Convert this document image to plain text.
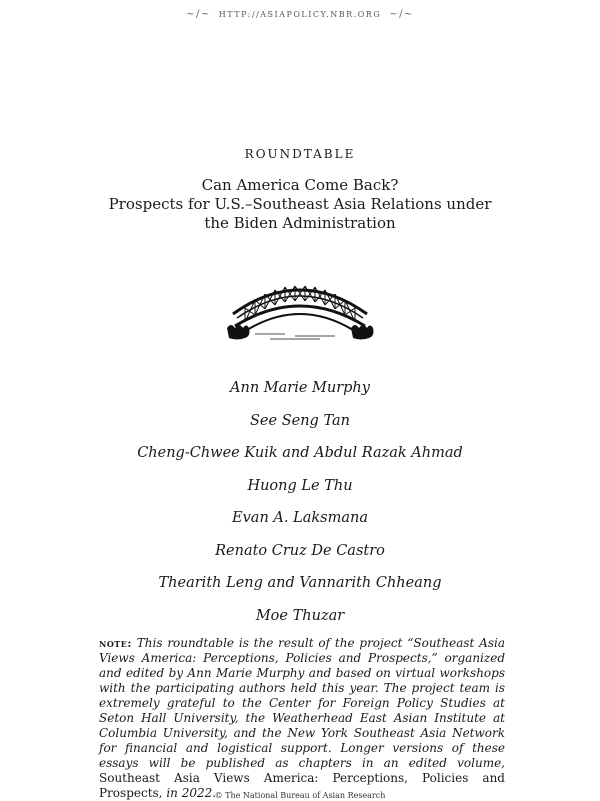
~/~ HTTP://ASIAPOLICY.NBR.ORG ~/~
ROUNDTABLE
Can America Come Back?
Prospects for U.S.–Southeast Asia Relations under
the Biden Administration
Ann Marie Murphy
See Seng Tan
Cheng-Chwee Kuik and Abdul Razak Ahmad
Huong Le Thu
Evan A. Laksmana
Renato Cruz De Castro
Thearith Leng and Vannarith Chheang
Moe Thuzar
note: This roundtable is the result of the project “Southeast Asia Views America: Perceptions, Policies and Prospects,” organized and edited by Ann Marie Murphy and based on virtual workshops with the participating authors held this year. The project team is extremely grateful to the Center for Foreign Policy Studies at Seton Hall University, the Weatherhead East Asian Institute at Columbia University, and the New York Southeast Asia Network for financial and logistical support. Longer versions of these essays will be published as chapters in an edited volume, Southeast Asia Views America: Perceptions, Policies and Prospects, in 2022.
© The National Bureau of Asian Research
